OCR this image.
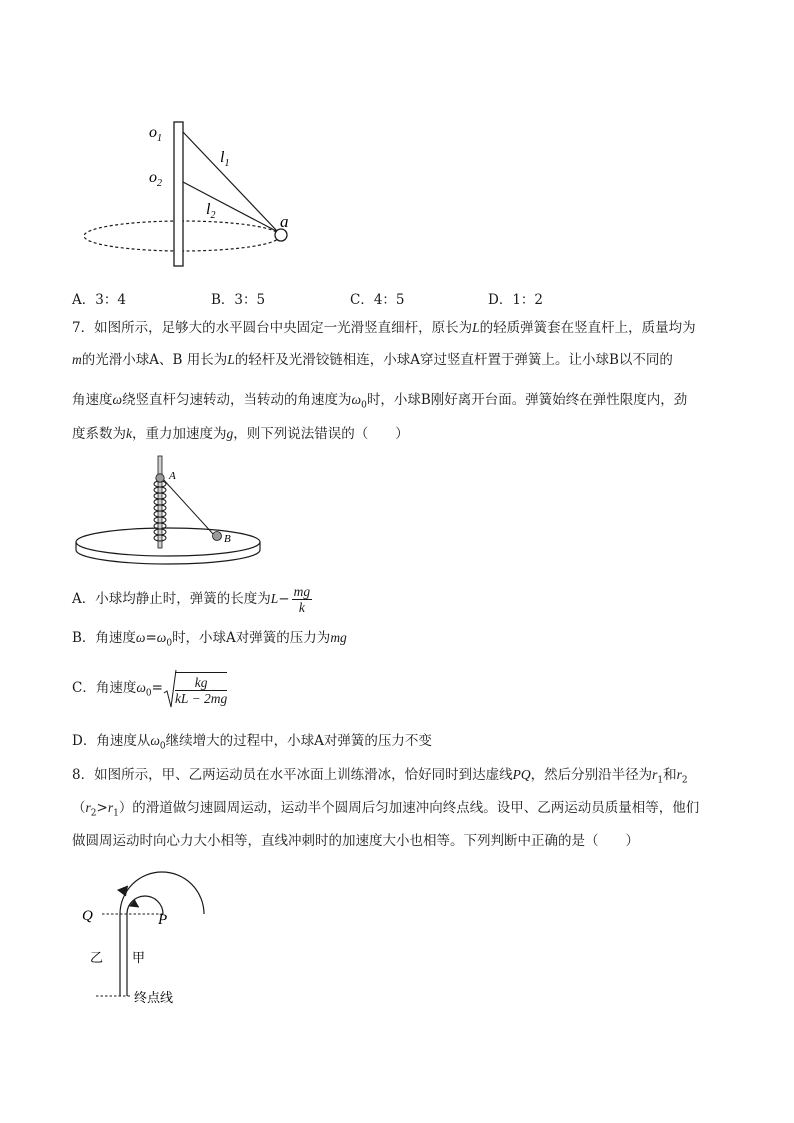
$o_1$
$o_2$
$l_1$
$l_2$	a
A．3：4	B．3：5	C．4：5	D．1：2
7．如图所示，足够大的水平圆台中央固定一光滑竖直细杆，原长为L的轻质弹簧套在竖直杆上，质量均为
m的光滑小球A、B 用长为L的轻杆及光滑铰链相连，小球A穿过竖直杆置于弹簧上。让小球B以不同的
角速度ω绕竖直杆匀速转动，当转动的角速度为$\omega_0$时，小球B刚好离开台面。弹簧始终在弹性限度内，劲
度系数为k，重力加速度为g，则下列说法错误的（　　）
A
B
A．小球均静止时，弹簧的长度为$L- \frac{mg}{k}$
B．角速度$\omega=\omega_0$时，小球A对弹簧的压力为mg
C．角速度$\omega_0= \frac{kg}{kL - 2mg}$
D．角速度从$\omega_0$继续增大的过程中，小球A对弹簧的压力不变
8．如图所示，甲、乙两运动员在水平冰面上训练滑冰，恰好同时到达虚线PQ，然后分别沿半径为$r_1$和$r_2$
$(r_2>r_1)$的滑道做匀速圆周运动，运动半个圆周后匀加速冲向终点线。设甲、乙两运动员质量相等，他们
做圆周运动时向心力大小相等，直线冲刺时的加速度大小也相等。下列判断中正确的是（　　）
Q	P
乙 甲
终点线
